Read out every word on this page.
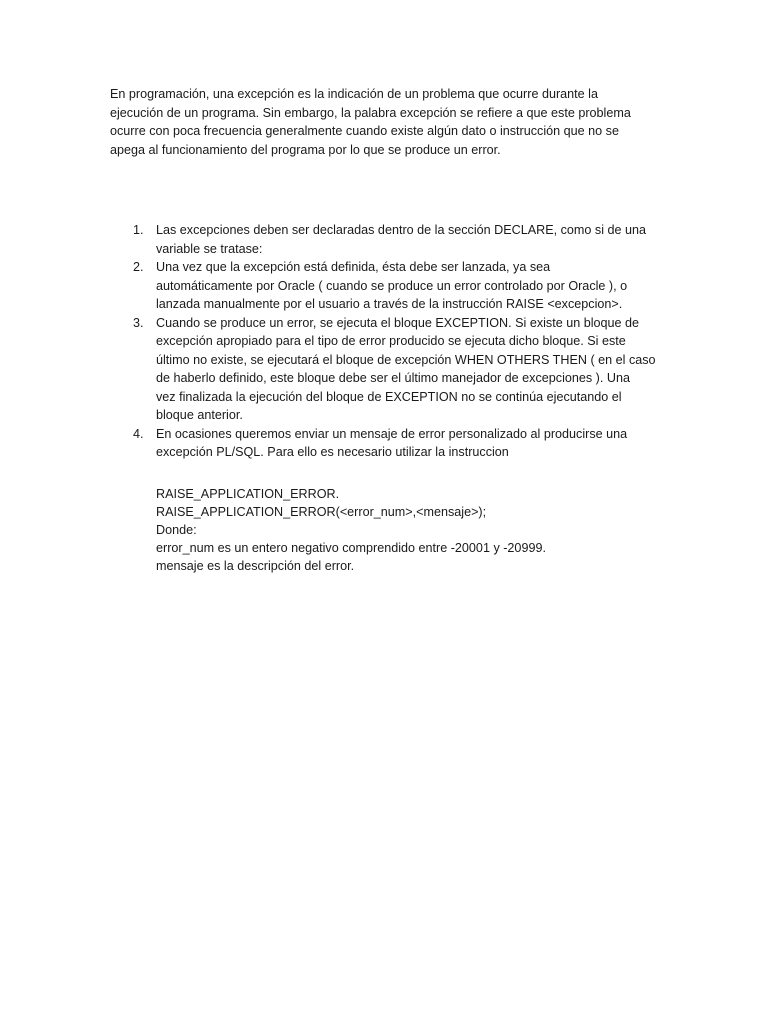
En programación, una excepción es la indicación de un problema que ocurre durante la
ejecución de un programa. Sin embargo, la palabra excepción se refiere a que este problema
ocurre con poca frecuencia generalmente cuando existe algún dato o instrucción que no se
apega al funcionamiento del programa por lo que se produce un error.

1. Las excepciones deben ser declaradas dentro de la sección DECLARE, como si de una
variable se tratase:
2. Una vez que la excepción está definida, ésta debe ser lanzada, ya sea
automáticamente por Oracle ( cuando se produce un error controlado por Oracle ), o
lanzada manualmente por el usuario a través de la instrucción RAISE <excepcion>.
3. Cuando se produce un error, se ejecuta el bloque EXCEPTION. Si existe un bloque de
excepción apropiado para el tipo de error producido se ejecuta dicho bloque. Si este
último no existe, se ejecutará el bloque de excepción WHEN OTHERS THEN ( en el caso
de haberlo definido, este bloque debe ser el último manejador de excepciones ). Una
vez finalizada la ejecución del bloque de EXCEPTION no se continúa ejecutando el
bloque anterior.
4. En ocasiones queremos enviar un mensaje de error personalizado al producirse una
excepción PL/SQL. Para ello es necesario utilizar la instruccion
RAISE_APPLICATION_ERROR.
RAISE_APPLICATION_ERROR(<error_num>,<mensaje>);
Donde:
error_num es un entero negativo comprendido entre -20001 y -20999.
mensaje es la descripción del error.
